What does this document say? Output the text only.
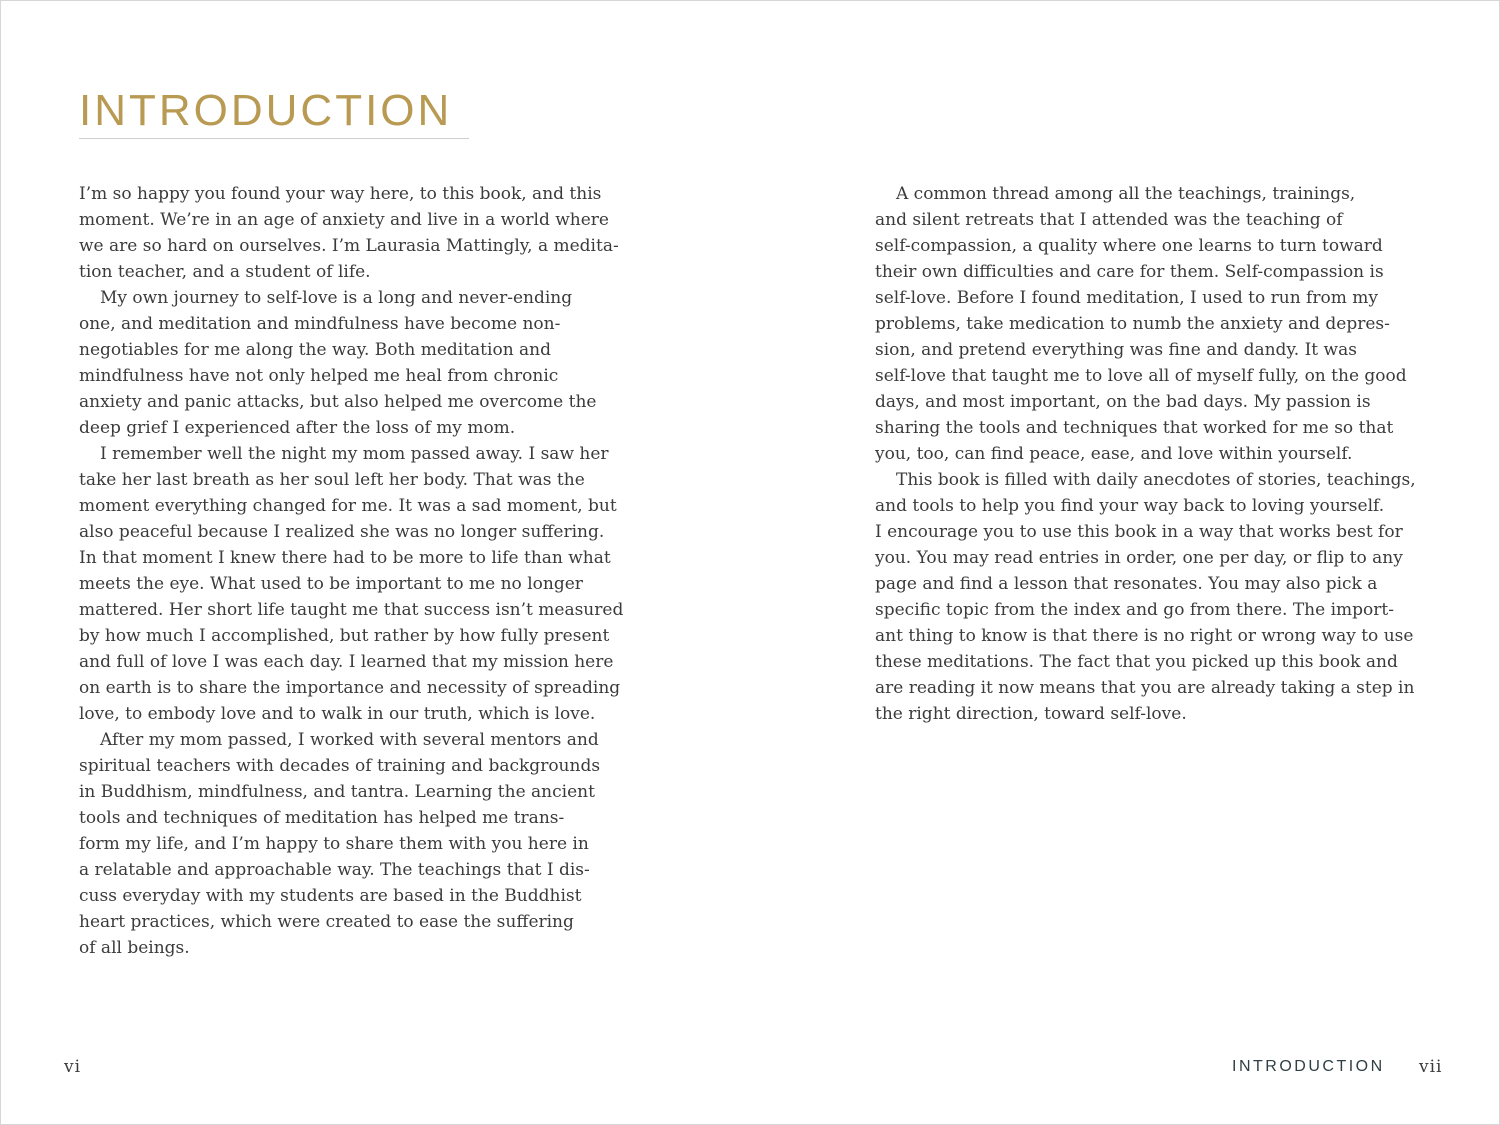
INTRODUCTION
I’m so happy you found your way here, to this book, and this
moment. We’re in an age of anxiety and live in a world where
we are so hard on ourselves. I’m Laurasia Mattingly, a medita-
tion teacher, and a student of life.
My own journey to self-love is a long and never-ending
one, and meditation and mindfulness have become non-
negotiables for me along the way. Both meditation and
mindfulness have not only helped me heal from chronic
anxiety and panic attacks, but also helped me overcome the
deep grief I experienced after the loss of my mom.
I remember well the night my mom passed away. I saw her
take her last breath as her soul left her body. That was the
moment everything changed for me. It was a sad moment, but
also peaceful because I realized she was no longer suffering.
In that moment I knew there had to be more to life than what
meets the eye. What used to be important to me no longer
mattered. Her short life taught me that success isn’t measured
by how much I accomplished, but rather by how fully present
and full of love I was each day. I learned that my mission here
on earth is to share the importance and necessity of spreading
love, to embody love and to walk in our truth, which is love.
After my mom passed, I worked with several mentors and
spiritual teachers with decades of training and backgrounds
in Buddhism, mindfulness, and tantra. Learning the ancient
tools and techniques of meditation has helped me trans-
form my life, and I’m happy to share them with you here in
a relatable and approachable way. The teachings that I dis-
cuss everyday with my students are based in the Buddhist
heart practices, which were created to ease the suffering
of all beings.
A common thread among all the teachings, trainings,
and silent retreats that I attended was the teaching of
self-compassion, a quality where one learns to turn toward
their own difficulties and care for them. Self-compassion is
self-love. Before I found meditation, I used to run from my
problems, take medication to numb the anxiety and depres-
sion, and pretend everything was fine and dandy. It was
self-love that taught me to love all of myself fully, on the good
days, and most important, on the bad days. My passion is
sharing the tools and techniques that worked for me so that
you, too, can find peace, ease, and love within yourself.
This book is filled with daily anecdotes of stories, teachings,
and tools to help you find your way back to loving yourself.
I encourage you to use this book in a way that works best for
you. You may read entries in order, one per day, or flip to any
page and find a lesson that resonates. You may also pick a
specific topic from the index and go from there. The import-
ant thing to know is that there is no right or wrong way to use
these meditations. The fact that you picked up this book and
are reading it now means that you are already taking a step in
the right direction, toward self-love.
vi	INTRODUCTION vii
